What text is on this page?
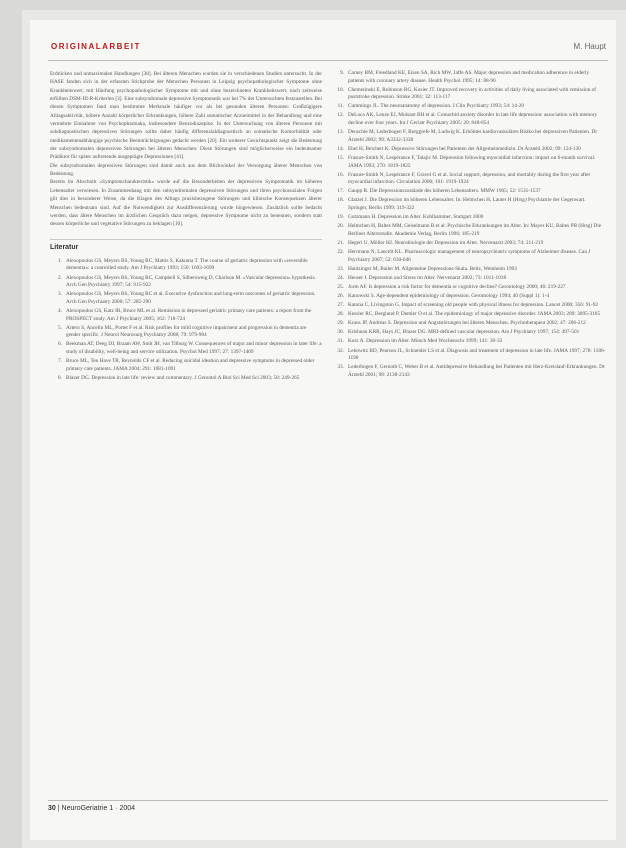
ORIGINALARBEIT	M. Haupt

Erdrücken und unmaximalen Handlungen [38]. Bei älteren Menschen wurden sie in verschiedenen Studien untersucht. In der HASE fanden sich in der erfassten Stichprobe der Menschen Personen in Leipzig psychopathologischer Symptome ohne Krankheitswert, mit Häufung psychopathologischer Symptome mit und ohne bezeichneten Krankheitswert, nach zeitweise erfüllten DSM-III-R-Kriterien [3]. Eine subsyndromale depressive Symptomatik war bei 7% der Untersuchten festzustellen. Bei diesen Symptomen fand man bestimmte Merkmale häufiger vor als bei gesunden älteren Personen: Großzügigere Alltagsaktivität, höhere Anzahl körperlicher Erkrankungen, höhere Zahl somatischer Arzneimittel in der Behandlung und eine vermehrte Einnahme von Psychopharmaka, insbesondere Benzodiazepine. In der Untersuchung von älteren Personen mit subdiagnostischen depressiven Störungen sollte daher häufig differenzialdiagnostisch an somatische Komorbidität oder medikamentenabhängige psychische Beeinträchtigungen gedacht werden [20]. Ein weiterer Gesichtspunkt zeigt die Bedeutung der subsyndromalen depressiven Störungen bei älteren Menschen: Diese Störungen sind möglicherweise ein bedeutsamer Prädiktor für später auftretende ausgeprägte Depressionen [41].

Die subsyndromalen depressiven Störungen sind damit auch aus dem Blickwinkel der Versorgung älterer Menschen von Bedeutung.

Bereits im Abschnitt »Symptomcharakteristik« wurde auf die Besonderheiten der depressiven Symptomatik im höheren Lebensalter verwiesen. In Zusammenhang mit den subsyndromalen depressiven Störungen und ihren psychosozialen Folgen gilt dies in besonderer Weise, da die Klagen des Alltags praxisbezogene Störungen und klinische Konsequenzen älterer Menschen bedeutsam sind. Auf die Notwendigkeit zur Ausdifferenzierung wurde hingewiesen. Zusätzlich sollte bedacht werden, dass ältere Menschen im ärztlichen Gespräch dazu neigen, depressive Symptome nicht zu benennen, sondern statt dessen körperliche und vegetative Störungen zu beklagen [10].

Literatur
1. Alexopoulos GS, Meyers BS, Young RC, Mattis S, Kakuma T. The course of geriatric depression with »reversible dementia«: a controlled study. Am J Psychiatry 1993; 150: 1693-1699
2. Alexopoulos GS, Meyers BS, Young RC, Campbell S, Silbersweig D, Charlson M. »Vascular depression« hypothesis. Arch Gen Psychiatry 1997; 54: 915-922
3. Alexopoulos GS, Meyers BS, Young RC et al. Executive dysfunction and long-term outcomes of geriatric depression. Arch Gen Psychiatry 2000; 57: 285-290
4. Alexopoulos GS, Katz IR, Bruce ML et al. Remission in depressed geriatric primary care patients: a report from the PROSPECT study. Am J Psychiatry 2005; 162: 718-724
5. Artero S, Ancelin ML, Portet F et al. Risk profiles for mild cognitive impairment and progression to dementia are gender specific. J Neurol Neurosurg Psychiatry 2008; 79: 979-984
6. Beekman AT, Deeg DJ, Braam AW, Smit JH, van Tilburg W. Consequences of major and minor depression in later life: a study of disability, well-being and service utilization. Psychol Med 1997; 27: 1397-1409
7. Bruce ML, Ten Have TR, Reynolds CF et al. Reducing suicidal ideation and depressive symptoms in depressed older primary care patients. JAMA 2004; 291: 1081-1091
8. Blazer DG. Depression in late life: review and commentary. J Gerontol A Biol Sci Med Sci 2003; 58: 249-265
9. Carney RM, Freedland KE, Eisen SA, Rich MW, Jaffe AS. Major depression and medication adherence in elderly patients with coronary artery disease. Health Psychol 1995; 14: 88-90
10. Chemerinski E, Robinson RG, Kosier JT. Improved recovery in activities of daily living associated with remission of poststroke depression. Stroke 2001; 32: 113-117
11. Cummings JL. The neuroanatomy of depression. J Clin Psychiatry 1993; 54: 14-20
12. DeLuca AK, Lenze EJ, Mulsant BH et al. Comorbid anxiety disorder in late life depression: association with memory decline over four years. Int J Geriatr Psychiatry 2005; 20: 848-854
13. Deuschle M, Lederbogen F, Borggrefe M, Ludwig K. Erhöhtes kardiovaskuläres Risiko bei depressiven Patienten. Dt Ärztebl 2002; 99: A3332-3338
14. Ebel H, Beichert K. Depressive Störungen bei Patienten der Allgemeinmedizin. Dt Ärztebl 2002; 99: 124-130
15. Frasure-Smith N, Lespérance F, Talajic M. Depression following myocardial infarction: impact on 6-month survival. JAMA 1993; 270: 1819-1825
16. Frasure-Smith N, Lespérance F, Gravel G et al. Social support, depression, and mortality during the first year after myocardial infarction. Circulation 2000; 101: 1919-1924
17. Gaupp R. Die Depressionszustände des höheren Lebensalters. MMW 1905; 52: 1531-1537
18. Glatzel J. Die Depression im höheren Lebensalter. In: Helmchen H, Lauter H (Hrsg) Psychiatrie der Gegenwart. Springer, Berlin 1999; 319-322
19. Gutzmann H. Depression im Alter. Kohlhammer, Stuttgart 2000
20. Helmchen H, Baltes MM, Geiselmann B et al. Psychische Erkrankungen im Alter. In: Mayer KU, Baltes PB (Hrsg) Die Berliner Altersstudie. Akademie Verlag, Berlin 1996; 185-219
21. Hegerl U, Möller HJ. Neurobiologie der Depression im Alter. Nervenarzt 2003; 74: 211-219
22. Herrmann N, Lanctôt KL. Pharmacologic management of neuropsychiatric symptoms of Alzheimer disease. Can J Psychiatry 2007; 52: 630-646
23. Hautzinger M, Bailer M. Allgemeine Depressions-Skala. Beltz, Weinheim 1993
24. Heuser I. Depression und Stress im Alter. Nervenarzt 2002; 73: 1011-1018
25. Jorm AF. Is depression a risk factor for dementia or cognitive decline? Gerontology 2000; 46: 219-227
26. Kanowski S. Age-dependent epidemiology of depression. Gerontology 1994; 40 (Suppl 1): 1-4
27. Katona C, Livingston G. Impact of screening old people with physical illness for depression. Lancet 2000; 356: 91-92
28. Kessler RC, Berglund P, Demler O et al. The epidemiology of major depressive disorder. JAMA 2003; 289: 3095-3105
29. Kraus JP, Andreas S. Depression und Angststörungen bei älteren Menschen. Psychotherapeut 2002; 47: 206-212
30. Krishnan KRR, Hays JC, Blazer DG. MRI-defined vascular depression. Am J Psychiatry 1997; 154: 497-501
31. Kurz A. Depression im Alter. Münch Med Wochenschr 1999; 141: 30-33
32. Lebowitz BD, Pearson JL, Schneider LS et al. Diagnosis and treatment of depression in late life. JAMA 1997; 278: 1186-1190
33. Lederbogen F, Gernoth C, Weber B et al. Antidepressive Behandlung bei Patienten mit Herz-Kreislauf-Erkrankungen. Dt Ärztebl 2001; 98: 2138-2143
30 | NeuroGeriatrie 1 · 2004
